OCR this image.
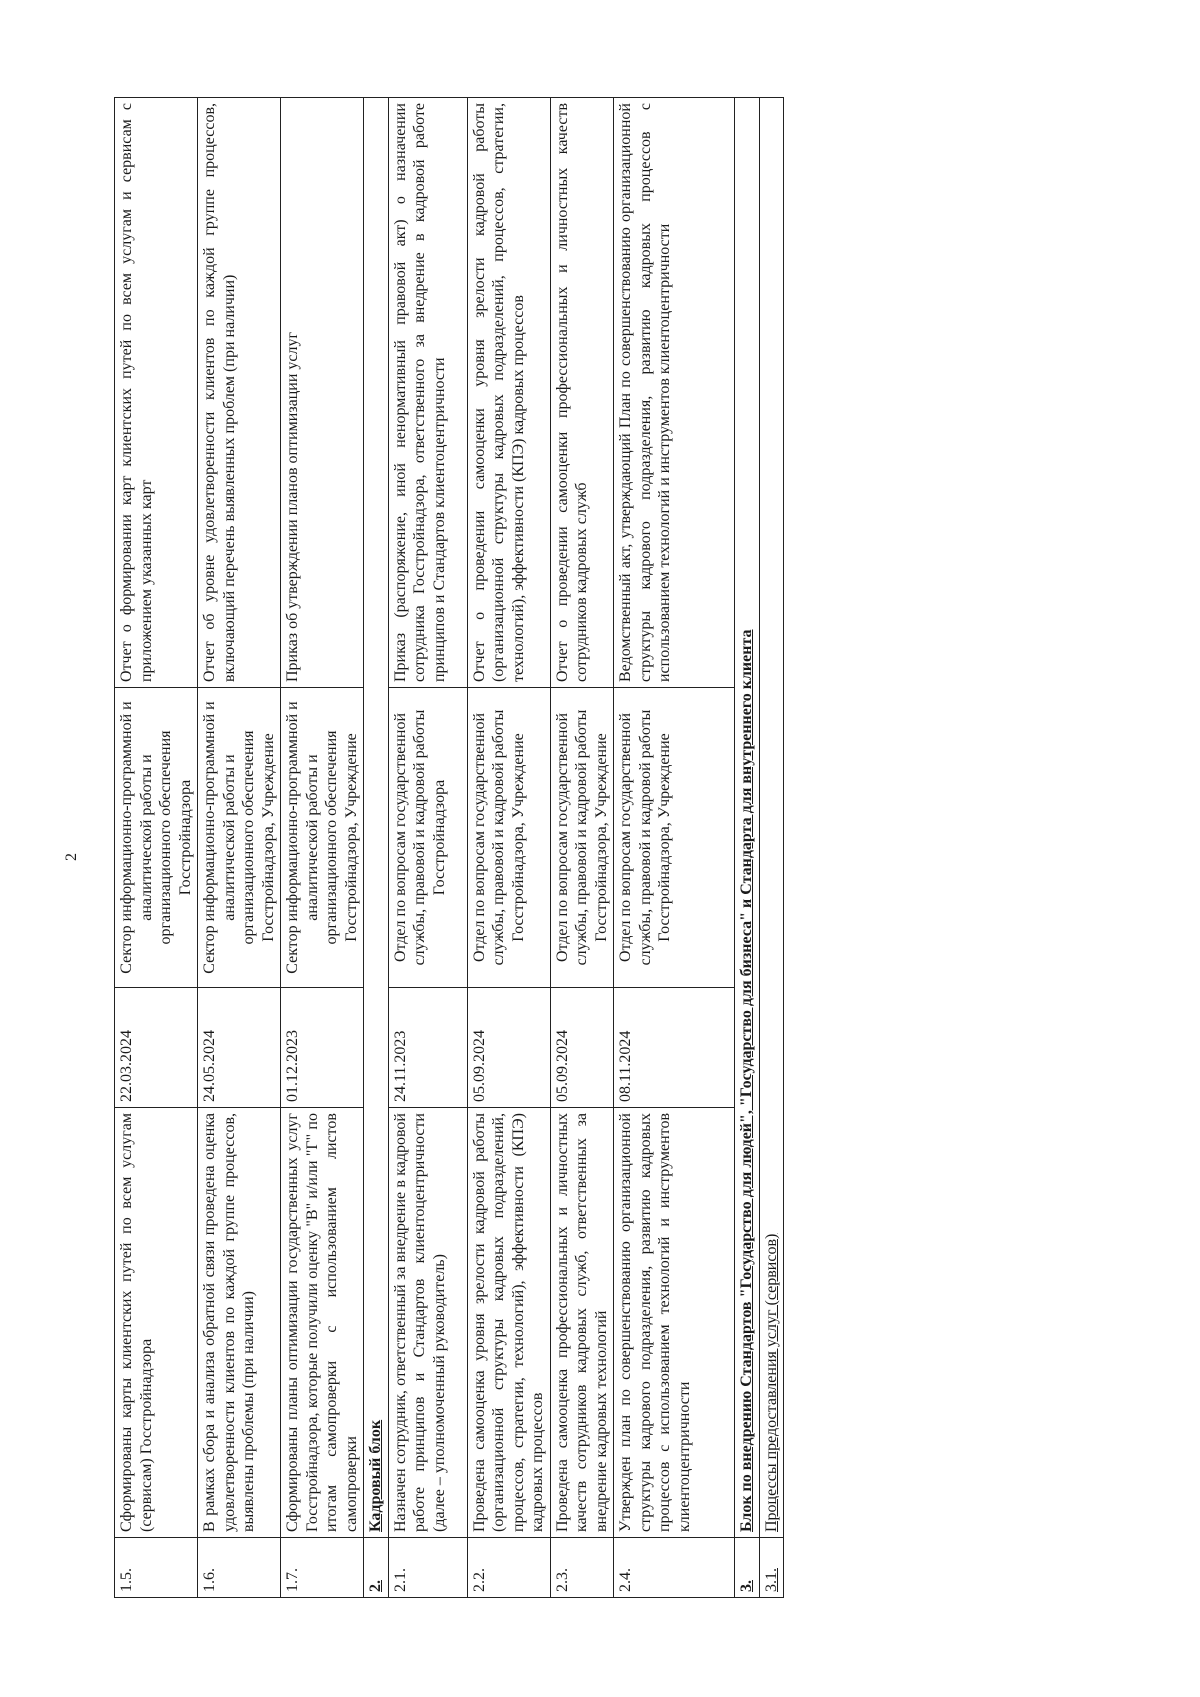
2
1.5.	Сформированы карты клиентских путей по всем услугам (сервисам) Госстройнадзора	22.03.2024	Сектор информационно-программной и аналитической работы и организационного обеспечения Госстройнадзора	Отчет о формировании карт клиентских путей по всем услугам и сервисам с приложением указанных карт
1.6.	В рамках сбора и анализа обратной связи проведена оценка удовлетворенности клиентов по каждой группе процессов, выявлены проблемы (при наличии)	24.05.2024	Сектор информационно-программной и аналитической работы и организационного обеспечения Госстройнадзора, Учреждение	Отчет об уровне удовлетворенности клиентов по каждой группе процессов, включающий перечень выявленных проблем (при наличии)
1.7.	Сформированы планы оптимизации государственных услуг Госстройнадзора, которые получили оценку "В" и/или "Г" по итогам самопроверки с использованием листов самопроверки	01.12.2023	Сектор информационно-программной и аналитической работы и организационного обеспечения Госстройнадзора, Учреждение	Приказ об утверждении планов оптимизации услуг
2.	Кадровый блок			
2.1.	Назначен сотрудник, ответственный за внедрение в кадровой работе принципов и Стандартов клиентоцентричности (далее – уполномоченный руководитель)	24.11.2023	Отдел по вопросам государственной службы, правовой и кадровой работы Госстройнадзора	Приказ (распоряжение, иной ненормативный правовой акт) о назначении сотрудника Госстройнадзора, ответственного за внедрение в кадровой работе принципов и Стандартов клиентоцентричности
2.2.	Проведена самооценка уровня зрелости кадровой работы (организационной структуры кадровых подразделений, процессов, стратегии, технологий), эффективности (КПЭ) кадровых процессов	05.09.2024	Отдел по вопросам государственной службы, правовой и кадровой работы Госстройнадзора, Учреждение	Отчет о проведении самооценки уровня зрелости кадровой работы (организационной структуры кадровых подразделений, процессов, стратегии, технологий), эффективности (КПЭ) кадровых процессов
2.3.	Проведена самооценка профессиональных и личностных качеств сотрудников кадровых служб, ответственных за внедрение кадровых технологий	05.09.2024	Отдел по вопросам государственной службы, правовой и кадровой работы Госстройнадзора, Учреждение	Отчет о проведении самооценки профессиональных и личностных качеств сотрудников кадровых служб
2.4.	Утвержден план по совершенствованию организационной структуры кадрового подразделения, развитию кадровых процессов с использованием технологий и инструментов клиентоцентричности	08.11.2024	Отдел по вопросам государственной службы, правовой и кадровой работы Госстройнадзора, Учреждение	Ведомственный акт, утверждающий План по совершенствованию организационной структуры кадрового подразделения, развитию кадровых процессов с использованием технологий и инструментов клиентоцентричности
3.	Блок по внедрению Стандартов "Государство для людей", "Государство для бизнеса" и Стандарта для внутреннего клиента			
3.1.	Процессы предоставления услуг (сервисов)			
